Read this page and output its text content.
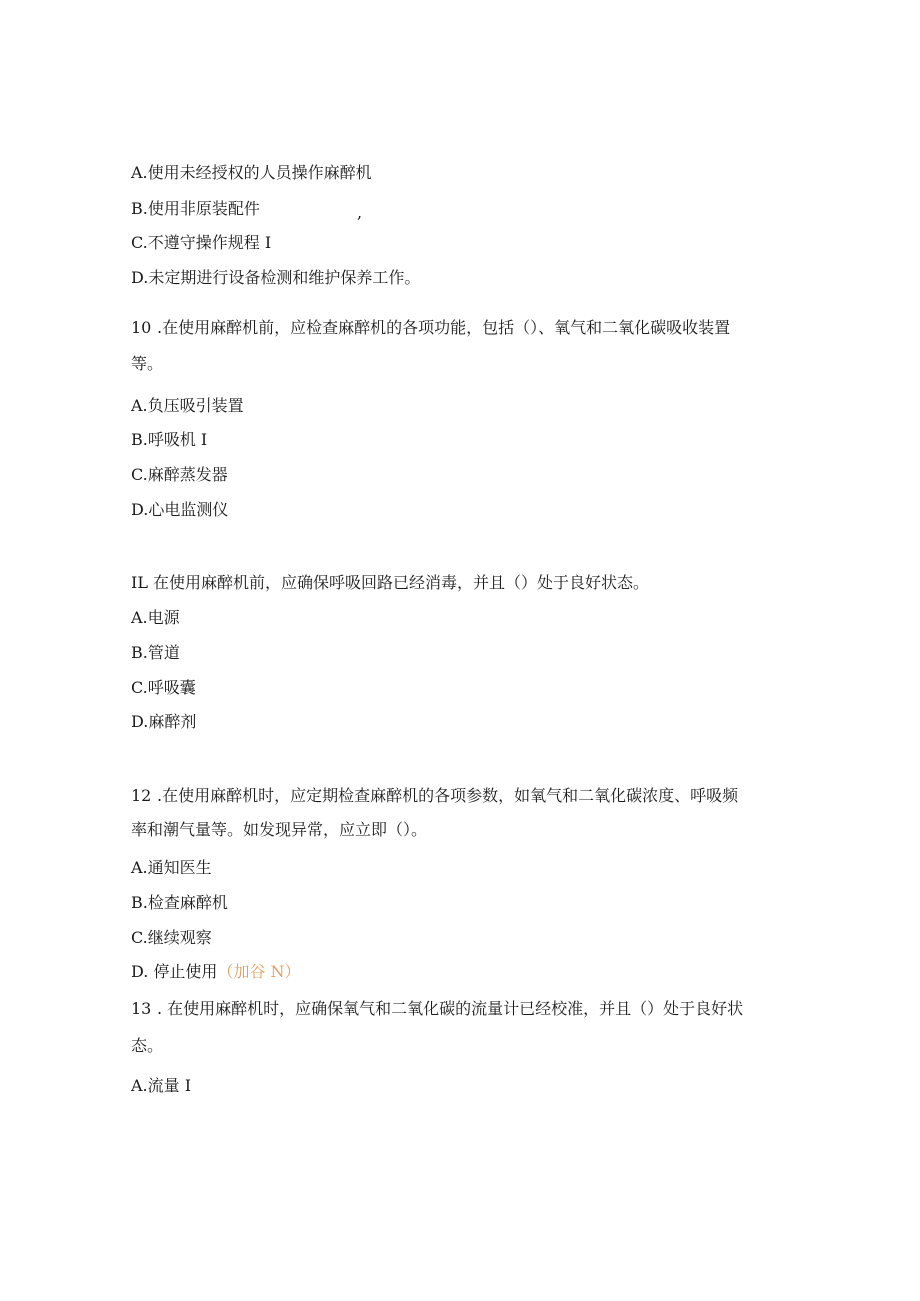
A.使用未经授权的人员操作麻醉机
B.使用非原装配件	,
C.不遵守操作规程 I
D.未定期进行设备检测和维护保养工作。
10 .在使用麻醉机前，应检查麻醉机的各项功能，包括（）、氧气和二氧化碳吸收装置
等。
A.负压吸引装置
B.呼吸机 I
C.麻醉蒸发器
D.心电监测仪
IL 在使用麻醉机前，应确保呼吸回路已经消毒，并且（）处于良好状态。
A.电源
B.管道
C.呼吸囊
D.麻醉剂
12 .在使用麻醉机时，应定期检查麻醉机的各项参数，如氧气和二氧化碳浓度、呼吸频
率和潮气量等。如发现异常，应立即（）。
A.通知医生
B.检查麻醉机
C.继续观察
D. 停止使用（加谷 N）
13 . 在使用麻醉机时，应确保氧气和二氧化碳的流量计已经校准，并且（）处于良好状
态。
A.流量 I
